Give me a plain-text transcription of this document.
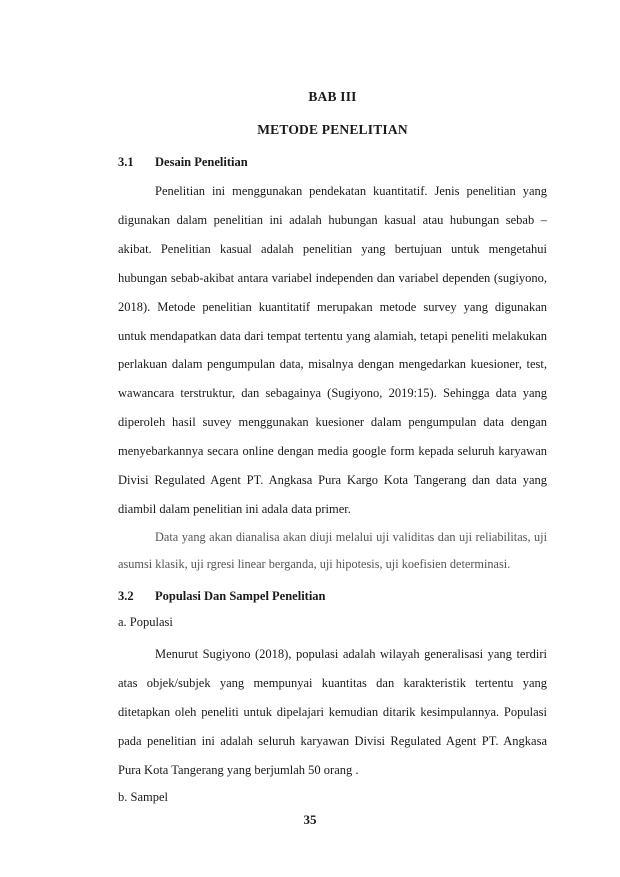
BAB III
METODE PENELITIAN
3.1 Desain Penelitian

Penelitian ini menggunakan pendekatan kuantitatif. Jenis penelitian yang digunakan dalam penelitian ini adalah hubungan kasual atau hubungan sebab – akibat. Penelitian kasual adalah penelitian yang bertujuan untuk mengetahui hubungan sebab-akibat antara variabel independen dan variabel dependen (sugiyono, 2018). Metode penelitian kuantitatif merupakan metode survey yang digunakan untuk mendapatkan data dari tempat tertentu yang alamiah, tetapi peneliti melakukan perlakuan dalam pengumpulan data, misalnya dengan mengedarkan kuesioner, test, wawancara terstruktur, dan sebagainya (Sugiyono, 2019:15). Sehingga data yang diperoleh hasil suvey menggunakan kuesioner dalam pengumpulan data dengan menyebarkannya secara online dengan media google form kepada seluruh karyawan Divisi Regulated Agent PT. Angkasa Pura Kargo Kota Tangerang dan data yang diambil dalam penelitian ini adala data primer.

Data yang akan dianalisa akan diuji melalui uji validitas dan uji reliabilitas, uji asumsi klasik, uji rgresi linear berganda, uji hipotesis, uji koefisien determinasi.

3.2 Populasi Dan Sampel Penelitian
a. Populasi

Menurut Sugiyono (2018), populasi adalah wilayah generalisasi yang terdiri atas objek/subjek yang mempunyai kuantitas dan karakteristik tertentu yang ditetapkan oleh peneliti untuk dipelajari kemudian ditarik kesimpulannya. Populasi pada penelitian ini adalah seluruh karyawan Divisi Regulated Agent PT. Angkasa Pura Kota Tangerang yang berjumlah 50 orang .

b. Sampel
35
